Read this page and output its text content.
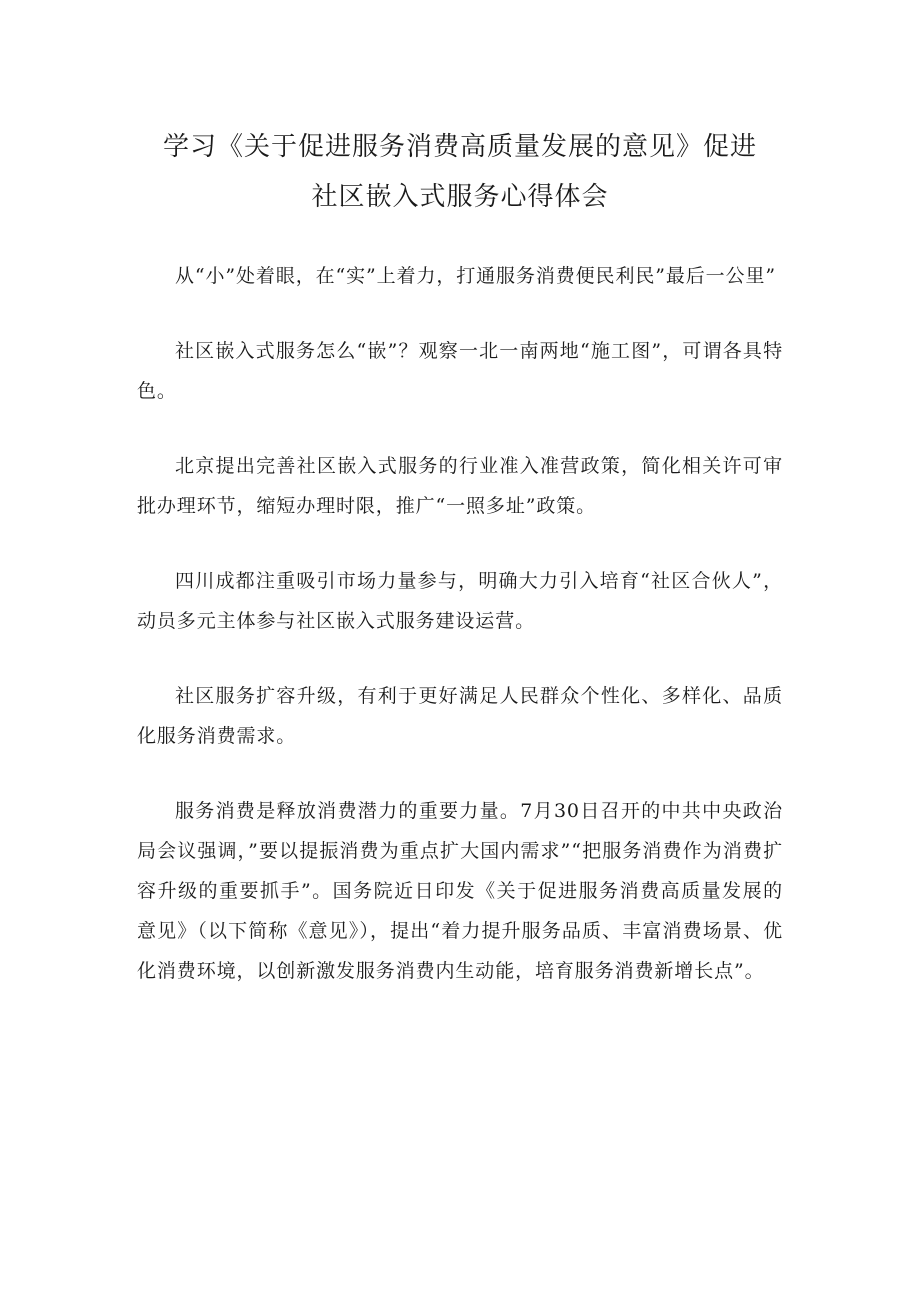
学习《关于促进服务消费高质量发展的意见》促进
社区嵌入式服务心得体会

从“小”处着眼，在“实”上着力，打通服务消费便民利民”最后一公里”

社区嵌入式服务怎么“嵌”？观察一北一南两地“施工图”，可谓各具特色。

北京提出完善社区嵌入式服务的行业准入准营政策，简化相关许可审批办理环节，缩短办理时限，推广“一照多址”政策。

四川成都注重吸引市场力量参与，明确大力引入培育“社区合伙人”，动员多元主体参与社区嵌入式服务建设运营。

社区服务扩容升级，有利于更好满足人民群众个性化、多样化、品质化服务消费需求。

服务消费是释放消费潜力的重要力量。7月30日召开的中共中央政治局会议强调，”要以提振消费为重点扩大国内需求”“把服务消费作为消费扩容升级的重要抓手”。国务院近日印发《关于促进服务消费高质量发展的意见》（以下简称《意见》），提出“着力提升服务品质、丰富消费场景、优化消费环境，以创新激发服务消费内生动能，培育服务消费新增长点”。
